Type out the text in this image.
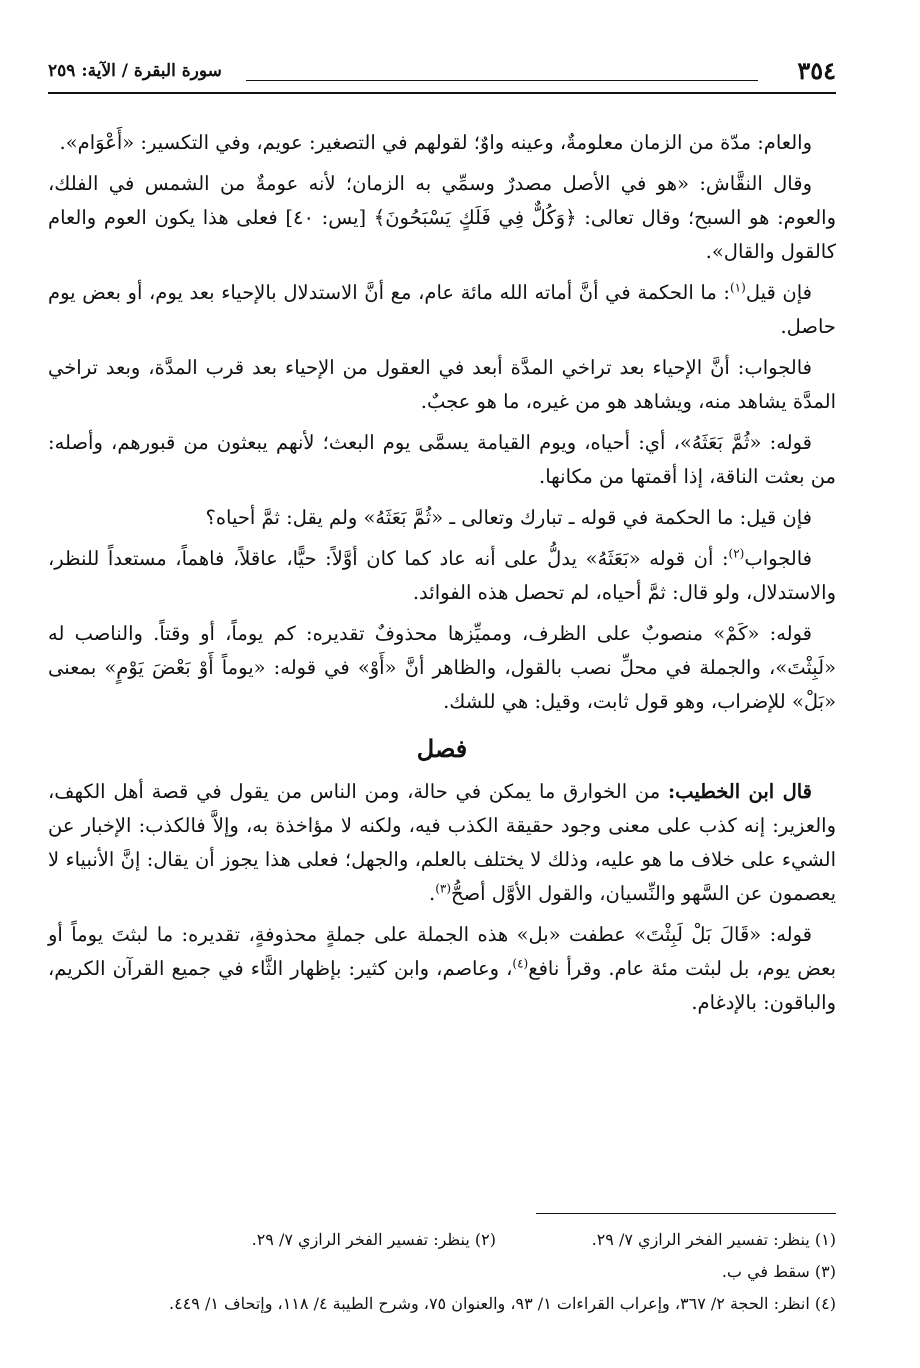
٣٥٤
سورة البقرة / الآية: ٢٥٩

والعام: مدّة من الزمان معلومةٌ، وعينه واوٌ؛ لقولهم في التصغير: عويم، وفي التكسير: «أَعْوَام».

وقال النقَّاش: «هو في الأصل مصدرٌ وسمِّي به الزمان؛ لأنه عومةٌ من الشمس في الفلك، والعوم: هو السبح؛ وقال تعالى: ﴿وَكُلٌّ فِي فَلَكٍ يَسْبَحُونَ﴾ [يس: ٤٠] فعلى هذا يكون العوم والعام كالقول والقال».

فإن قيل$^{(١)}$: ما الحكمة في أنَّ أماته الله مائة عام، مع أنَّ الاستدلال بالإحياء بعد يوم، أو بعض يوم حاصل.

فالجواب: أنَّ الإحياء بعد تراخي المدَّة أبعد في العقول من الإحياء بعد قرب المدَّة، وبعد تراخي المدَّة يشاهد منه، ويشاهد هو من غيره، ما هو عجبٌ.

قوله: «ثُمَّ بَعَثَهُ»، أي: أحياه، ويوم القيامة يسمَّى يوم البعث؛ لأنهم يبعثون من قبورهم، وأصله: من بعثت الناقة، إذا أقمتها من مكانها.

فإن قيل: ما الحكمة في قوله ـ تبارك وتعالى ـ «ثُمَّ بَعَثَهُ» ولم يقل: ثمَّ أحياه؟

فالجواب$^{(٢)}$: أن قوله «بَعَثَهُ» يدلُّ على أنه عاد كما كان أوَّلاً: حيًّا، عاقلاً، فاهماً، مستعداً للنظر، والاستدلال، ولو قال: ثمَّ أحياه، لم تحصل هذه الفوائد.

قوله: «كَمْ» منصوبٌ على الظرف، ومميِّزها محذوفٌ تقديره: كم يوماً، أو وقتاً. والناصب له «لَبِثْتَ»، والجملة في محلِّ نصب بالقول، والظاهر أنَّ «أَوْ» في قوله: «يوماً أَوْ بَعْضَ يَوْمٍ» بمعنى «بَلْ» للإضراب، وهو قول ثابت، وقيل: هي للشك.

فصل

قال ابن الخطيب: من الخوارق ما يمكن في حالة، ومن الناس من يقول في قصة أهل الكهف، والعزير: إنه كذب على معنى وجود حقيقة الكذب فيه، ولكنه لا مؤاخذة به، وإلاَّ فالكذب: الإخبار عن الشيء على خلاف ما هو عليه، وذلك لا يختلف بالعلم، والجهل؛ فعلى هذا يجوز أن يقال: إنَّ الأنبياء لا يعصمون عن السَّهو والنِّسيان، والقول الأوَّل أصحُّ$^{(٣)}$.

قوله: «قَالَ بَلْ لَبِثْتَ» عطفت «بل» هذه الجملة على جملةٍ محذوفةٍ، تقديره: ما لبثتَ يوماً أو بعض يوم، بل لبثت مئة عام. وقرأ نافع$^{(٤)}$، وعاصم، وابن كثير: بإظهار الثَّاء في جميع القرآن الكريم، والباقون: بالإدغام.

(١) ينظر: تفسير الفخر الرازي ٧/ ٢٩.
(٢) ينظر: تفسير الفخر الرازي ٧/ ٢٩.
(٣) سقط في ب.
(٤) انظر: الحجة ٢/ ٣٦٧، وإعراب القراءات ١/ ٩٣، والعنوان ٧٥، وشرح الطيبة ٤/ ١١٨، وإتحاف ١/ ٤٤٩.
